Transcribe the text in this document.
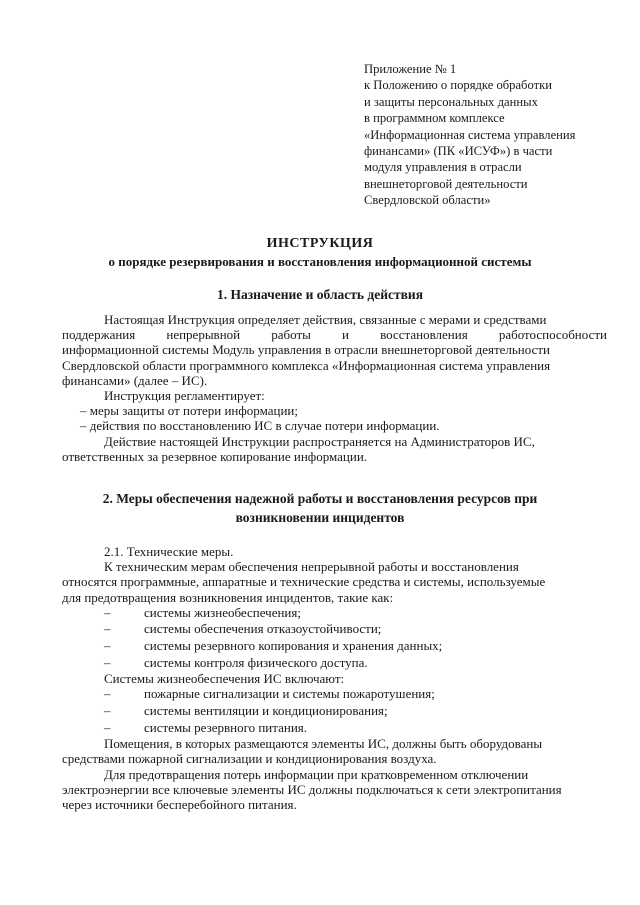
Приложение № 1
к Положению о порядке обработки
и защиты персональных данных
в программном комплексе
«Информационная система управления
финансами» (ПК «ИСУФ») в части
модуля управления в отрасли
внешнеторговой деятельности
Свердловской области»
ИНСТРУКЦИЯ
о порядке резервирования и восстановления информационной системы
1. Назначение и область действия
Настоящая Инструкция определяет действия, связанные с мерами и средствами
поддержания непрерывной работы и восстановления работоспособности
информационной системы Модуль управления в отрасли внешнеторговой деятельности
Свердловской области программного комплекса «Информационная система управления
финансами» (далее – ИС).
Инструкция регламентирует:
– меры защиты от потери информации;
– действия по восстановлению ИС в случае потери информации.
Действие настоящей Инструкции распространяется на Администраторов ИС,
ответственных за резервное копирование информации.
2. Меры обеспечения надежной работы и восстановления ресурсов при
возникновении инцидентов
2.1. Технические меры.
К техническим мерам обеспечения непрерывной работы и восстановления
относятся программные, аппаратные и технические средства и системы, используемые
для предотвращения возникновения инцидентов, такие как:
–	системы жизнеобеспечения;
–	системы обеспечения отказоустойчивости;
–	системы резервного копирования и хранения данных;
–	системы контроля физического доступа.
Системы жизнеобеспечения ИС включают:
–	пожарные сигнализации и системы пожаротушения;
–	системы вентиляции и кондиционирования;
–	системы резервного питания.
Помещения, в которых размещаются элементы ИС, должны быть оборудованы
средствами пожарной сигнализации и кондиционирования воздуха.
Для предотвращения потерь информации при кратковременном отключении
электроэнергии все ключевые элементы ИС должны подключаться к сети электропитания
через источники бесперебойного питания.
